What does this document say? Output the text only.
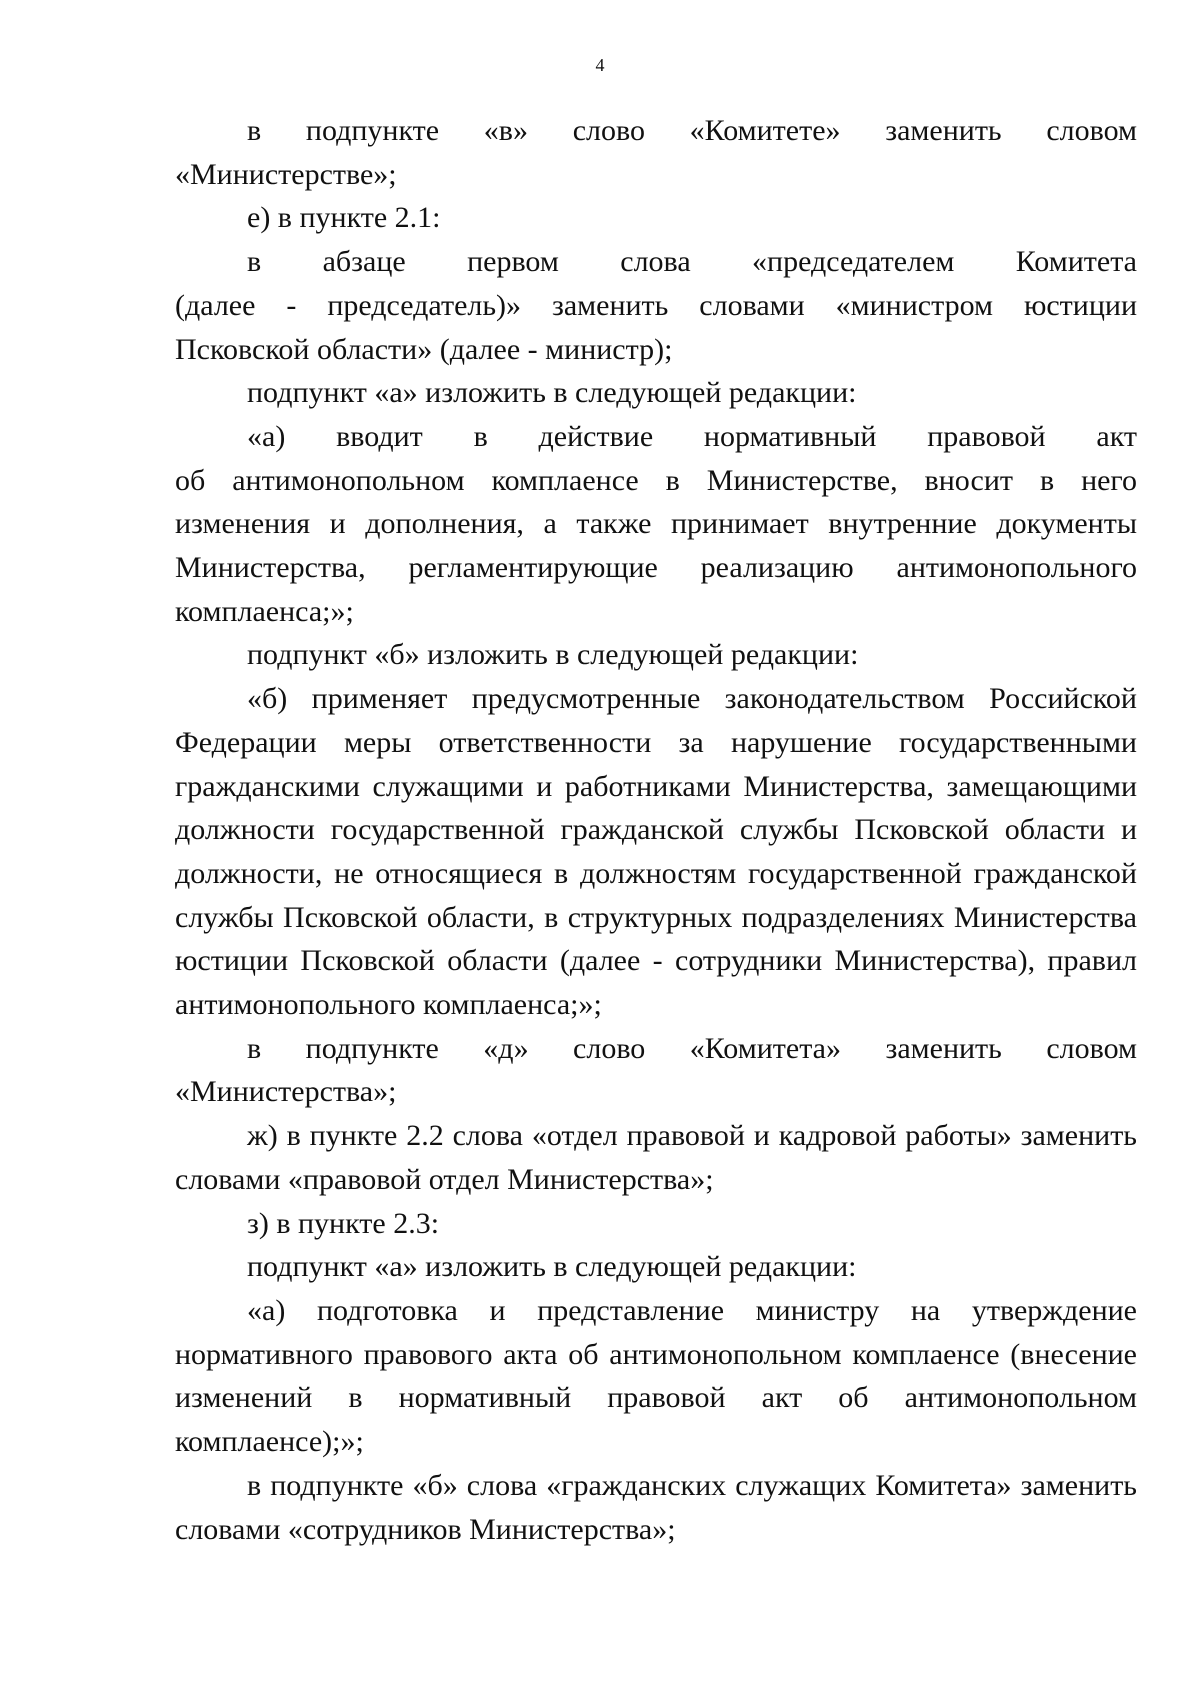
4

в подпункте «в» слово «Комитете» заменить словом

«Министерстве»;

е) в пункте 2.1:

в абзаце первом слова «председателем Комитета

(далее - председатель)» заменить словами «министром юстиции

Псковской области» (далее - министр);

подпункт «а» изложить в следующей редакции:

«а) вводит в действие нормативный правовой акт

об антимонопольном комплаенсе в Министерстве, вносит в него изменения и дополнения, а также принимает внутренние документы Министерства, регламентирующие реализацию антимонопольного комплаенса;»;

подпункт «б» изложить в следующей редакции:

«б) применяет предусмотренные законодательством Российской Федерации меры ответственности за нарушение государственными гражданскими служащими и работниками Министерства, замещающими должности государственной гражданской службы Псковской области и должности, не относящиеся в должностям государственной гражданской службы Псковской области, в структурных подразделениях Министерства юстиции Псковской области (далее - сотрудники Министерства), правил антимонопольного комплаенса;»;

в подпункте «д» слово «Комитета» заменить словом

«Министерства»;

ж) в пункте 2.2 слова «отдел правовой и кадровой работы» заменить словами «правовой отдел Министерства»;

з) в пункте 2.3:

подпункт «а» изложить в следующей редакции:

«а) подготовка и представление министру на утверждение нормативного правового акта об антимонопольном комплаенсе (внесение изменений в нормативный правовой акт об антимонопольном комплаенсе);»;

в подпункте «б» слова «гражданских служащих Комитета» заменить словами «сотрудников Министерства»;
